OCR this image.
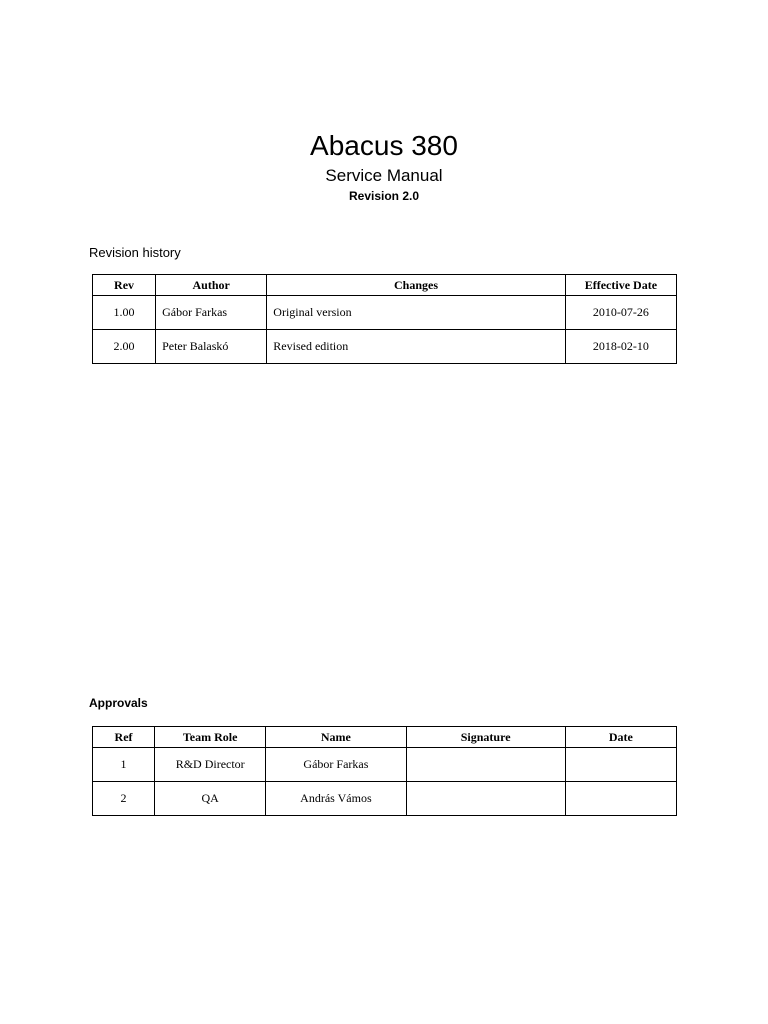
Abacus 380
Service Manual
Revision 2.0
Revision history
Rev	Author	Changes	Effective Date
1.00	Gábor Farkas	Original version	2010-07-26
2.00	Peter Balaskó	Revised edition	2018-02-10
Approvals
Ref	Team Role	Name	Signature	Date
1	R&D Director	Gábor Farkas		
2	QA	András Vámos		
